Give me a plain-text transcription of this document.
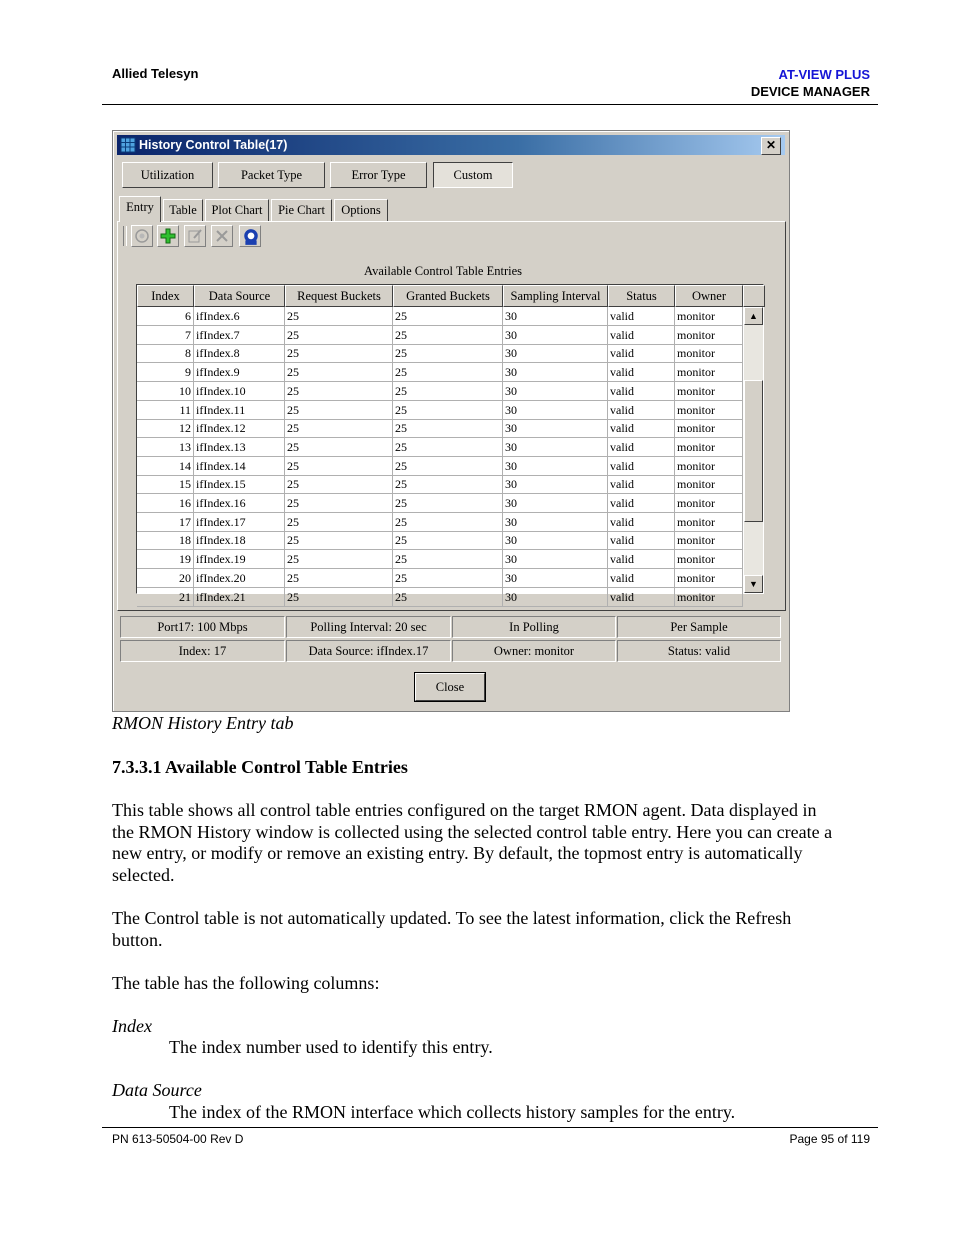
Allied Telesyn	AT-VIEW PLUS
DEVICE MANAGER
History Control Table(17)	✕
Utilization	Packet Type	Error Type	Custom
Entry	Table	Plot Chart	Pie Chart	Options
Available Control Table Entries
Index	Data Source	Request Buckets	Granted Buckets	Sampling Interval	Status	Owner
6 ifIndex.6	25	25	30	valid	monitor
7 ifIndex.7	25	25	30	valid	monitor
8 ifIndex.8	25	25	30	valid	monitor
9 ifIndex.9	25	25	30	valid	monitor
10 ifIndex.10	25	25	30	valid	monitor
11 ifIndex.11	25	25	30	valid	monitor
12 ifIndex.12	25	25	30	valid	monitor
13 ifIndex.13	25	25	30	valid	monitor
14 ifIndex.14	25	25	30	valid	monitor
15 ifIndex.15	25	25	30	valid	monitor
16 ifIndex.16	25	25	30	valid	monitor
17 ifIndex.17	25	25	30	valid	monitor
18 ifIndex.18	25	25	30	valid	monitor
19 ifIndex.19	25	25	30	valid	monitor
20 ifIndex.20	25	25	30	valid	monitor
21 ifIndex.21	25	25	30	valid	monitor
▲
▼
Port17: 100 Mbps	Polling Interval: 20 sec	In Polling	Per Sample
Index: 17	Data Source: ifIndex.17	Owner: monitor	Status: valid
Close
RMON History Entry tab
7.3.3.1 Available Control Table Entries
This table shows all control table entries configured on the target RMON agent. Data displayed in
the RMON History window is collected using the selected control table entry. Here you can create a
new entry, or modify or remove an existing entry. By default, the topmost entry is automatically
selected.
The Control table is not automatically updated. To see the latest information, click the Refresh
button.
The table has the following columns:
Index
The index number used to identify this entry.
Data Source
The index of the RMON interface which collects history samples for the entry.
PN 613-50504-00 Rev D	Page 95 of 119
